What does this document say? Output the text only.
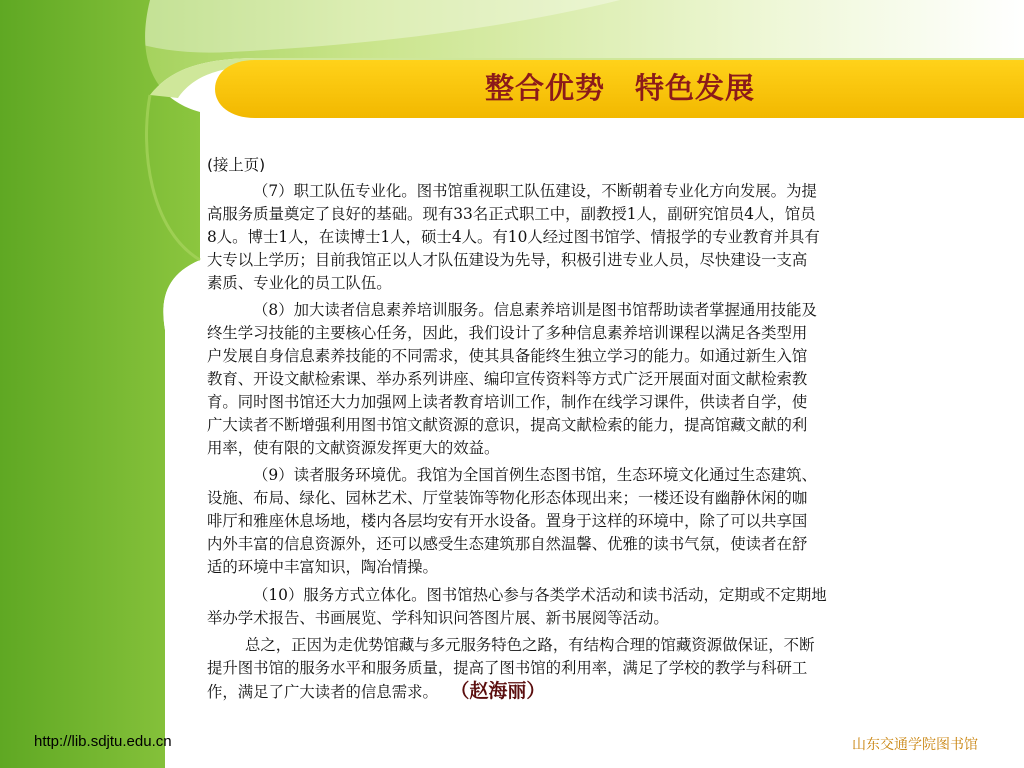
整合优势　特色发展
(接上页)
（7）职工队伍专业化。图书馆重视职工队伍建设，不断朝着专业化方向发展。为提
高服务质量奠定了良好的基础。现有33名正式职工中，副教授1人，副研究馆员4人，馆员
8人。博士1人，在读博士1人，硕士4人。有10人经过图书馆学、情报学的专业教育并具有
大专以上学历；目前我馆正以人才队伍建设为先导，积极引进专业人员，尽快建设一支高
素质、专业化的员工队伍。
（8）加大读者信息素养培训服务。信息素养培训是图书馆帮助读者掌握通用技能及
终生学习技能的主要核心任务，因此，我们设计了多种信息素养培训课程以满足各类型用
户发展自身信息素养技能的不同需求，使其具备能终生独立学习的能力。如通过新生入馆
教育、开设文献检索课、举办系列讲座、编印宣传资料等方式广泛开展面对面文献检索教
育。同时图书馆还大力加强网上读者教育培训工作，制作在线学习课件，供读者自学，使
广大读者不断增强利用图书馆文献资源的意识，提高文献检索的能力，提高馆藏文献的利
用率，使有限的文献资源发挥更大的效益。
（9）读者服务环境优。我馆为全国首例生态图书馆，生态环境文化通过生态建筑、
设施、布局、绿化、园林艺术、厅堂装饰等物化形态体现出来；一楼还设有幽静休闲的咖
啡厅和雅座休息场地，楼内各层均安有开水设备。置身于这样的环境中，除了可以共享国
内外丰富的信息资源外，还可以感受生态建筑那自然温馨、优雅的读书气氛，使读者在舒
适的环境中丰富知识，陶冶情操。
（10）服务方式立体化。图书馆热心参与各类学术活动和读书活动，定期或不定期地
举办学术报告、书画展览、学科知识问答图片展、新书展阅等活动。
总之，正因为走优势馆藏与多元服务特色之路，有结构合理的馆藏资源做保证，不断
提升图书馆的服务水平和服务质量，提高了图书馆的利用率，满足了学校的教学与科研工
作，满足了广大读者的信息需求。 （赵海丽）
http://lib.sdjtu.edu.cn	山东交通学院图书馆
